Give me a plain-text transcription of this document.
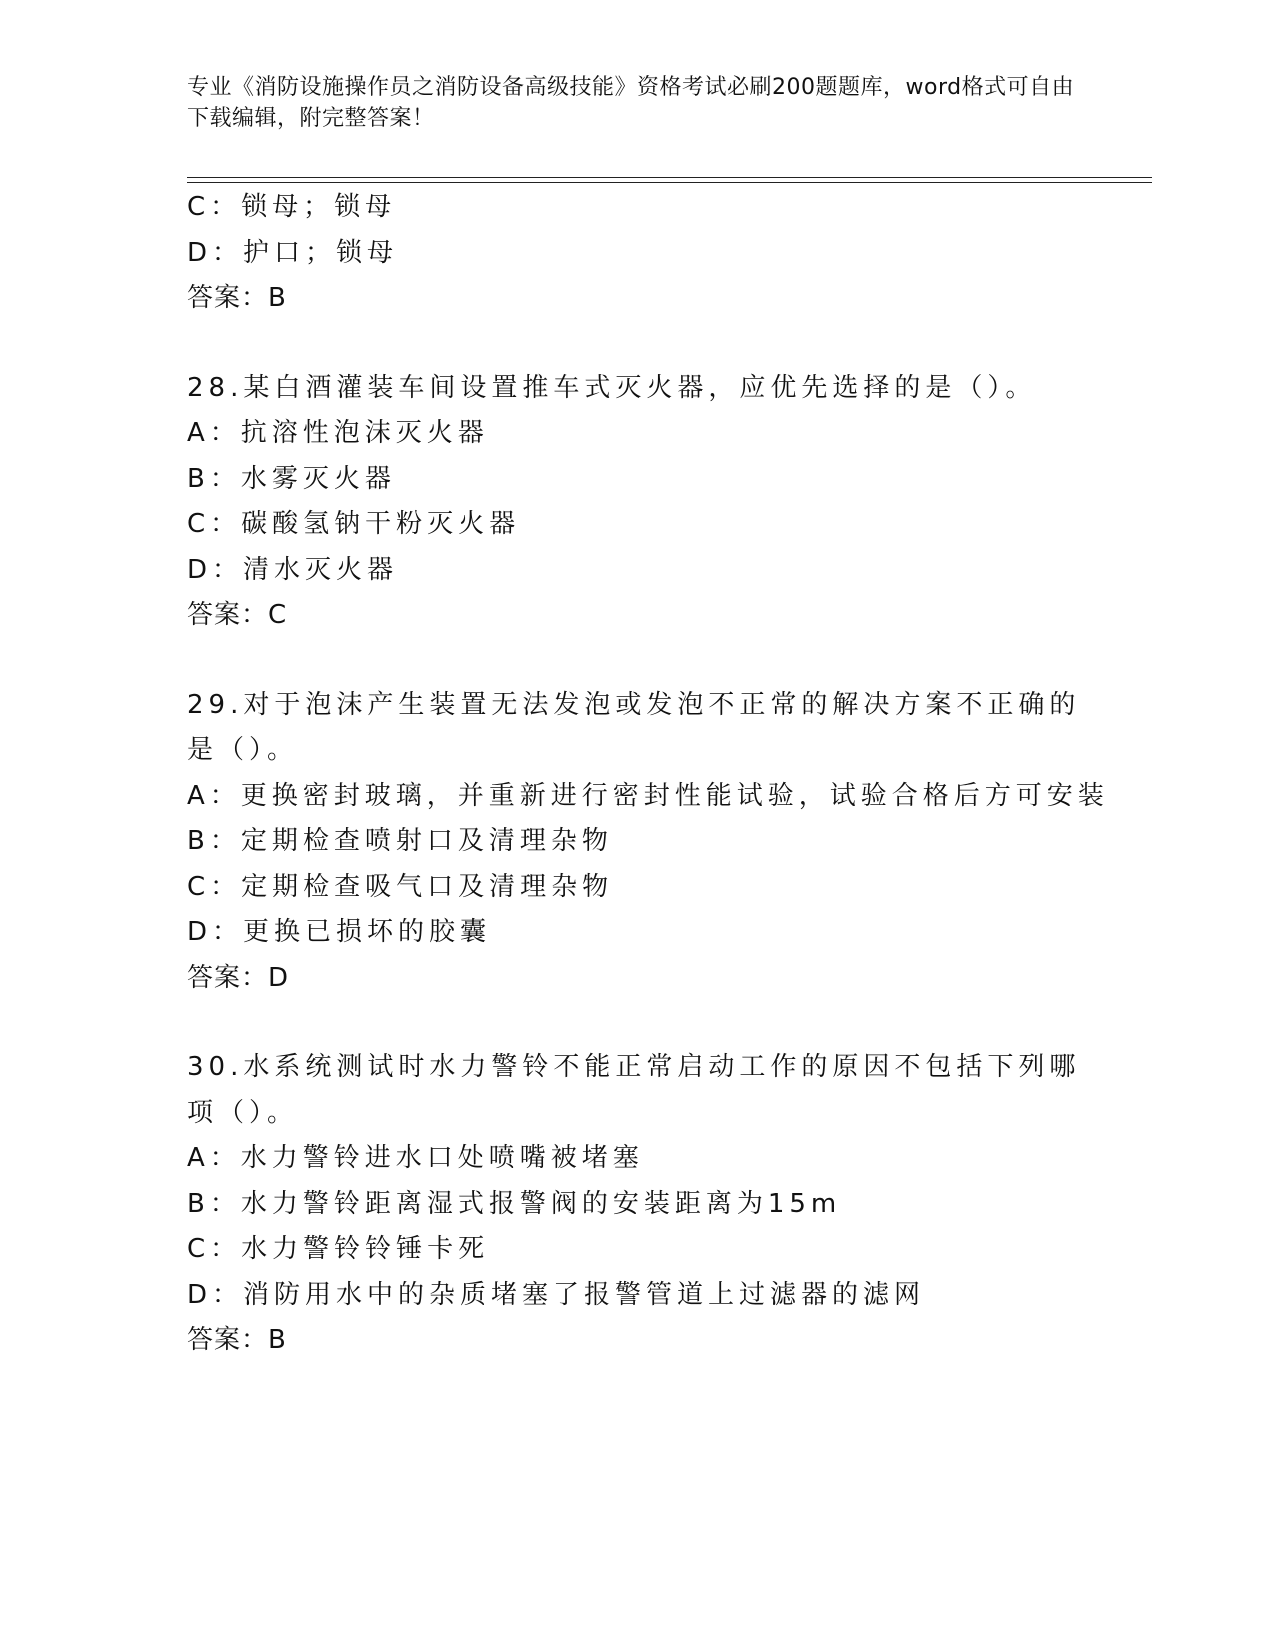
专业《消防设施操作员之消防设备高级技能》资格考试必刷200题题库，word格式可自由下载编辑，附完整答案！
C：锁母；锁母
D：护口；锁母
答案：B
28.某白酒灌装车间设置推车式灭火器，应优先选择的是（）。
A：抗溶性泡沫灭火器
B：水雾灭火器
C：碳酸氢钠干粉灭火器
D：清水灭火器
答案：C
29.对于泡沫产生装置无法发泡或发泡不正常的解决方案不正确的是（）。
A：更换密封玻璃，并重新进行密封性能试验，试验合格后方可安装
B：定期检查喷射口及清理杂物
C：定期检查吸气口及清理杂物
D：更换已损坏的胶囊
答案：D
30.水系统测试时水力警铃不能正常启动工作的原因不包括下列哪项（）。
A：水力警铃进水口处喷嘴被堵塞
B：水力警铃距离湿式报警阀的安装距离为15m
C：水力警铃铃锤卡死
D：消防用水中的杂质堵塞了报警管道上过滤器的滤网
答案：B
